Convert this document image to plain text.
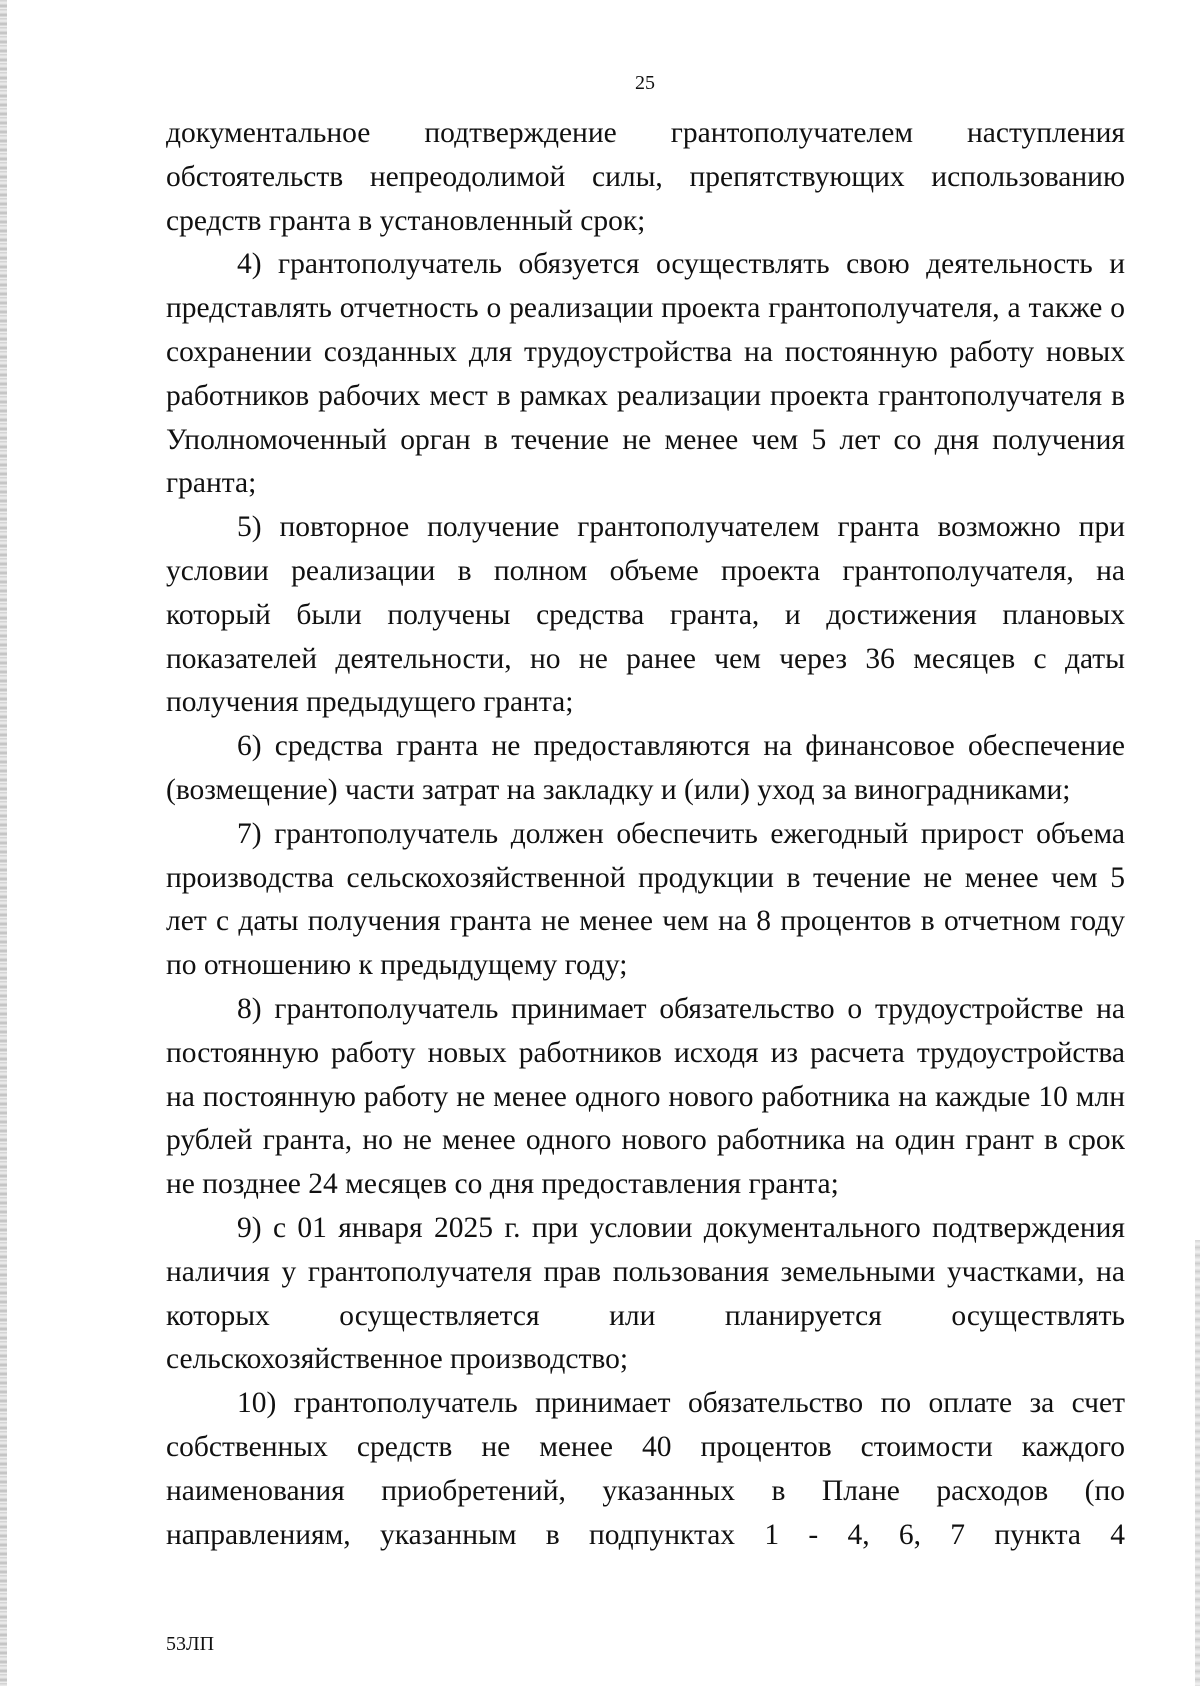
25

документальное подтверждение грантополучателем наступления обстоятельств непреодолимой силы, препятствующих использованию средств гранта в установленный срок;

4) грантополучатель обязуется осуществлять свою деятельность и представлять отчетность о реализации проекта грантополучателя, а также о сохранении созданных для трудоустройства на постоянную работу новых работников рабочих мест в рамках реализации проекта грантополучателя в Уполномоченный орган в течение не менее чем 5 лет со дня получения гранта;

5) повторное получение грантополучателем гранта возможно при условии реализации в полном объеме проекта грантополучателя, на который были получены средства гранта, и достижения плановых показателей деятельности, но не ранее чем через 36 месяцев с даты получения предыдущего гранта;

6) средства гранта не предоставляются на финансовое обеспечение (возмещение) части затрат на закладку и (или) уход за виноградниками;

7) грантополучатель должен обеспечить ежегодный прирост объема производства сельскохозяйственной продукции в течение не менее чем 5 лет с даты получения гранта не менее чем на 8 процентов в отчетном году по отношению к предыдущему году;

8) грантополучатель принимает обязательство о трудоустройстве на постоянную работу новых работников исходя из расчета трудоустройства на постоянную работу не менее одного нового работника на каждые 10 млн рублей гранта, но не менее одного нового работника на один грант в срок не позднее 24 месяцев со дня предоставления гранта;

9) с 01 января 2025 г. при условии документального подтверждения наличия у грантополучателя прав пользования земельными участками, на которых осуществляется или планируется осуществлять сельскохозяйственное производство;

10) грантополучатель принимает обязательство по оплате за счет собственных средств не менее 40 процентов стоимости каждого наименования приобретений, указанных в Плане расходов (по направлениям, указанным в подпунктах 1 - 4, 6, 7 пункта 4

53ЛП
